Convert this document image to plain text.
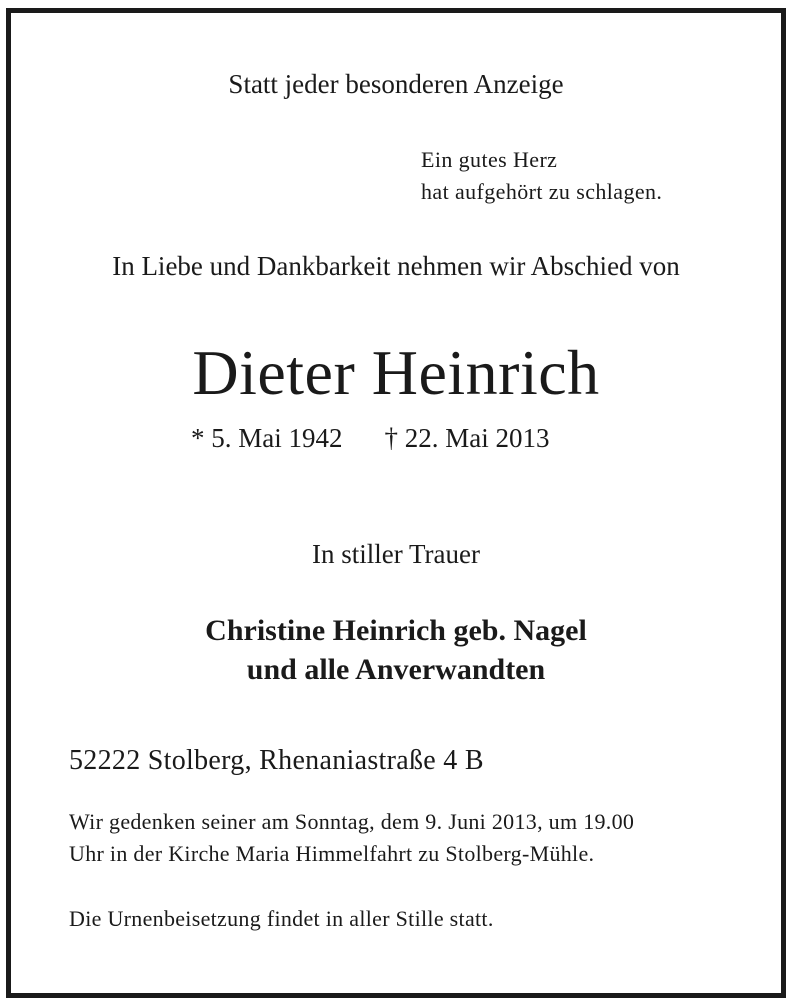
Statt jeder besonderen Anzeige

Ein gutes Herz

hat aufgehört zu schlagen.

In Liebe und Dankbarkeit nehmen wir Abschied von

Dieter Heinrich

* 5. Mai 1942 † 22. Mai 2013

In stiller Trauer

Christine Heinrich geb. Nagel

und alle Anverwandten

52222 Stolberg, Rhenaniastraße 4 B

Wir gedenken seiner am Sonntag, dem 9. Juni 2013, um 19.00

Uhr in der Kirche Maria Himmelfahrt zu Stolberg-Mühle.

Die Urnenbeisetzung findet in aller Stille statt.
